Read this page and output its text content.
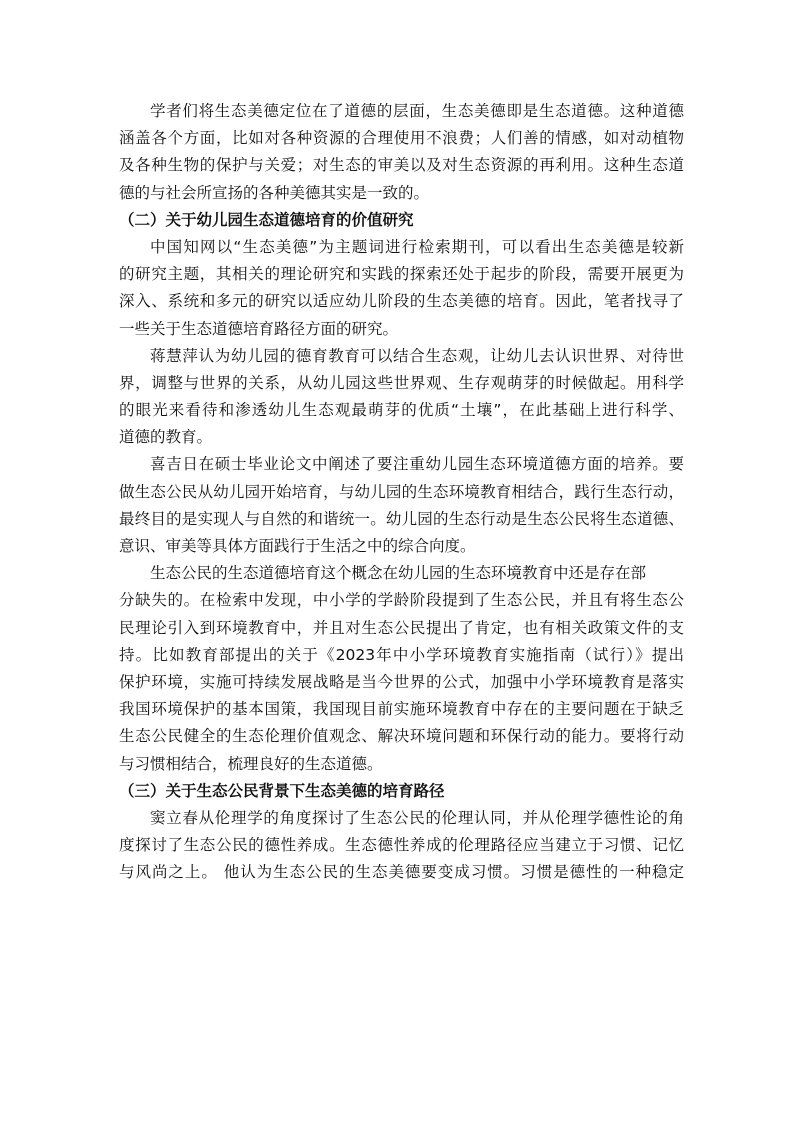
学者们将生态美德定位在了道德的层面，生态美德即是生态道德。这种道德
涵盖各个方面，比如对各种资源的合理使用不浪费；人们善的情感，如对动植物
及各种生物的保护与关爱；对生态的审美以及对生态资源的再利用。这种生态道
德的与社会所宣扬的各种美德其实是一致的。
（二）关于幼儿园生态道德培育的价值研究
中国知网以“生态美德”为主题词进行检索期刊，可以看出生态美德是较新
的研究主题，其相关的理论研究和实践的探索还处于起步的阶段，需要开展更为
深入、系统和多元的研究以适应幼儿阶段的生态美德的培育。因此，笔者找寻了
一些关于生态道德培育路径方面的研究。
蒋慧萍认为幼儿园的德育教育可以结合生态观，让幼儿去认识世界、对待世
界，调整与世界的关系，从幼儿园这些世界观、生存观萌芽的时候做起。用科学
的眼光来看待和渗透幼儿生态观最萌芽的优质“土壤”，在此基础上进行科学、
道德的教育。
喜吉日在硕士毕业论文中阐述了要注重幼儿园生态环境道德方面的培养。要
做生态公民从幼儿园开始培育，与幼儿园的生态环境教育相结合，践行生态行动，
最终目的是实现人与自然的和谐统一。幼儿园的生态行动是生态公民将生态道德、
意识、审美等具体方面践行于生活之中的综合向度。
生态公民的生态道德培育这个概念在幼儿园的生态环境教育中还是存在部
分缺失的。在检索中发现，中小学的学龄阶段提到了生态公民，并且有将生态公
民理论引入到环境教育中，并且对生态公民提出了肯定，也有相关政策文件的支
持。比如教育部提出的关于《2023年中小学环境教育实施指南（试行）》提出
保护环境，实施可持续发展战略是当今世界的公式，加强中小学环境教育是落实
我国环境保护的基本国策，我国现目前实施环境教育中存在的主要问题在于缺乏
生态公民健全的生态伦理价值观念、解决环境问题和环保行动的能力。要将行动
与习惯相结合，梳理良好的生态道德。
（三）关于生态公民背景下生态美德的培育路径
窦立春从伦理学的角度探讨了生态公民的伦理认同，并从伦理学德性论的角
度探讨了生态公民的德性养成。生态德性养成的伦理路径应当建立于习惯、记忆
与风尚之上。 他认为生态公民的生态美德要变成习惯。习惯是德性的一种稳定
